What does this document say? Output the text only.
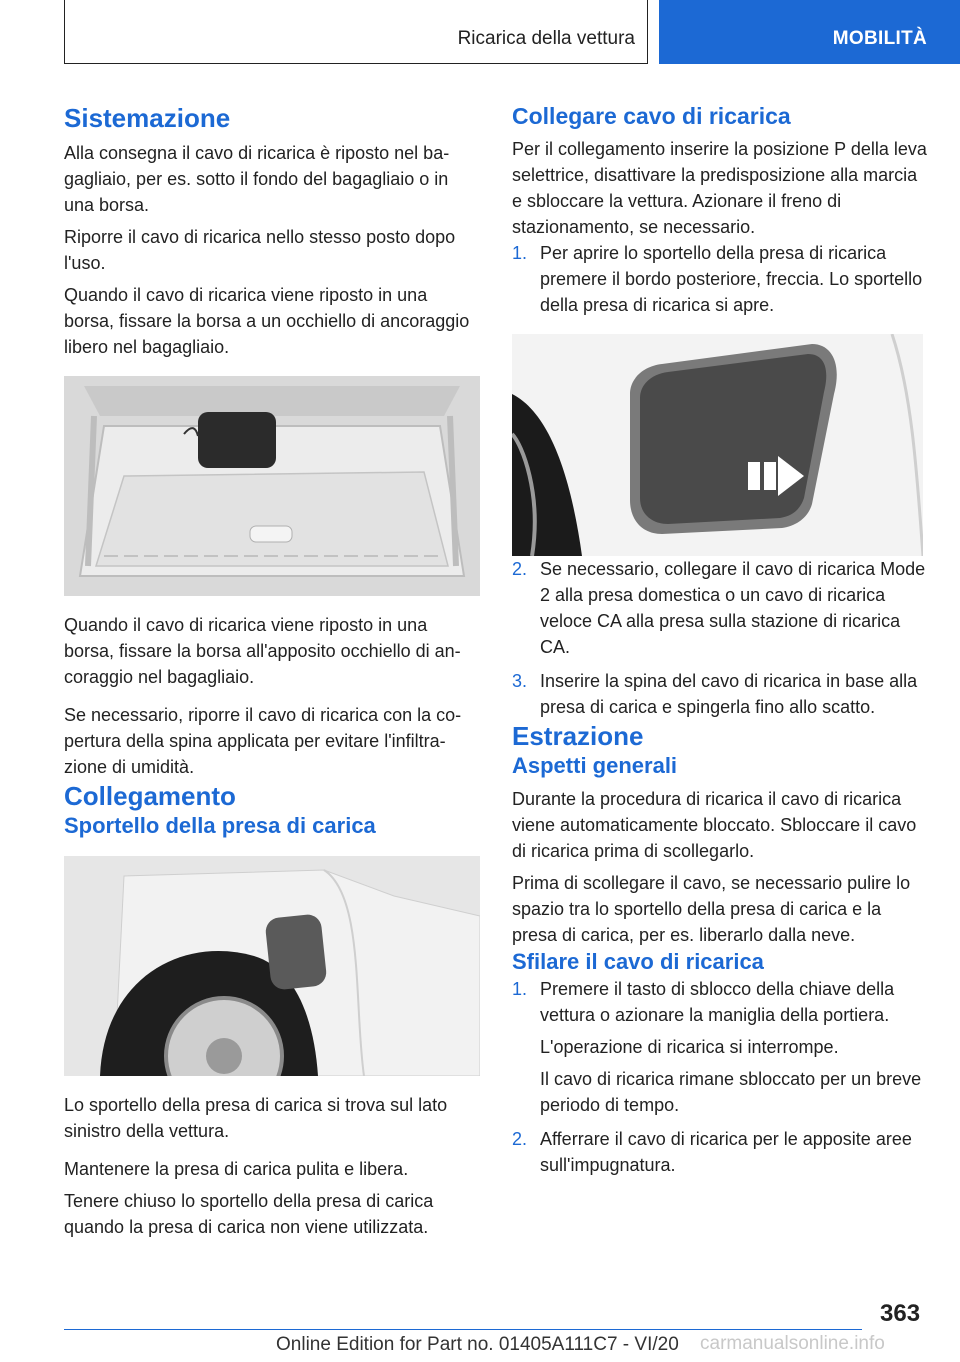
Ricarica della vettura	MOBILITÀ
Sistemazione

Alla consegna il cavo di ricarica è riposto nel bagagliaio, per es. sotto il fondo del bagagliaio o in una borsa.

Riporre il cavo di ricarica nello stesso posto dopo l'uso.

Quando il cavo di ricarica viene riposto in una borsa, fissare la borsa a un occhiello di ancoraggio libero nel bagagliaio.

Quando il cavo di ricarica viene riposto in una borsa, fissare la borsa all'apposito occhiello di ancoraggio nel bagagliaio.

Se necessario, riporre il cavo di ricarica con la copertura della spina applicata per evitare l'infiltrazione di umidità.

Collegamento
Sportello della presa di carica

Lo sportello della presa di carica si trova sul lato sinistro della vettura.

Mantenere la presa di carica pulita e libera.

Tenere chiuso lo sportello della presa di carica quando la presa di carica non viene utilizzata.

Collegare cavo di ricarica

Per il collegamento inserire la posizione P della leva selettrice, disattivare la predisposizione alla marcia e sbloccare la vettura. Azionare il freno di stazionamento, se necessario.

1. Per aprire lo sportello della presa di ricarica premere il bordo posteriore, freccia. Lo sportello della presa di ricarica si apre.
2. Se necessario, collegare il cavo di ricarica Mode 2 alla presa domestica o un cavo di ricarica veloce CA alla presa sulla stazione di ricarica CA.
3. Inserire la spina del cavo di ricarica in base alla presa di carica e spingerla fino allo scatto.
Estrazione
Aspetti generali

Durante la procedura di ricarica il cavo di ricarica viene automaticamente bloccato. Sbloccare il cavo di ricarica prima di scollegarlo.

Prima di scollegare il cavo, se necessario pulire lo spazio tra lo sportello della presa di carica e la presa di carica, per es. liberarlo dalla neve.

Sfilare il cavo di ricarica
1. Premere il tasto di sblocco della chiave della vettura o azionare la maniglia della portiera.
L'operazione di ricarica si interrompe.
Il cavo di ricarica rimane sbloccato per un breve periodo di tempo.
2. Afferrare il cavo di ricarica per le apposite aree sull'impugnatura.
363
Online Edition for Part no. 01405A111C7 - VI/20 carmanualsonline.info
